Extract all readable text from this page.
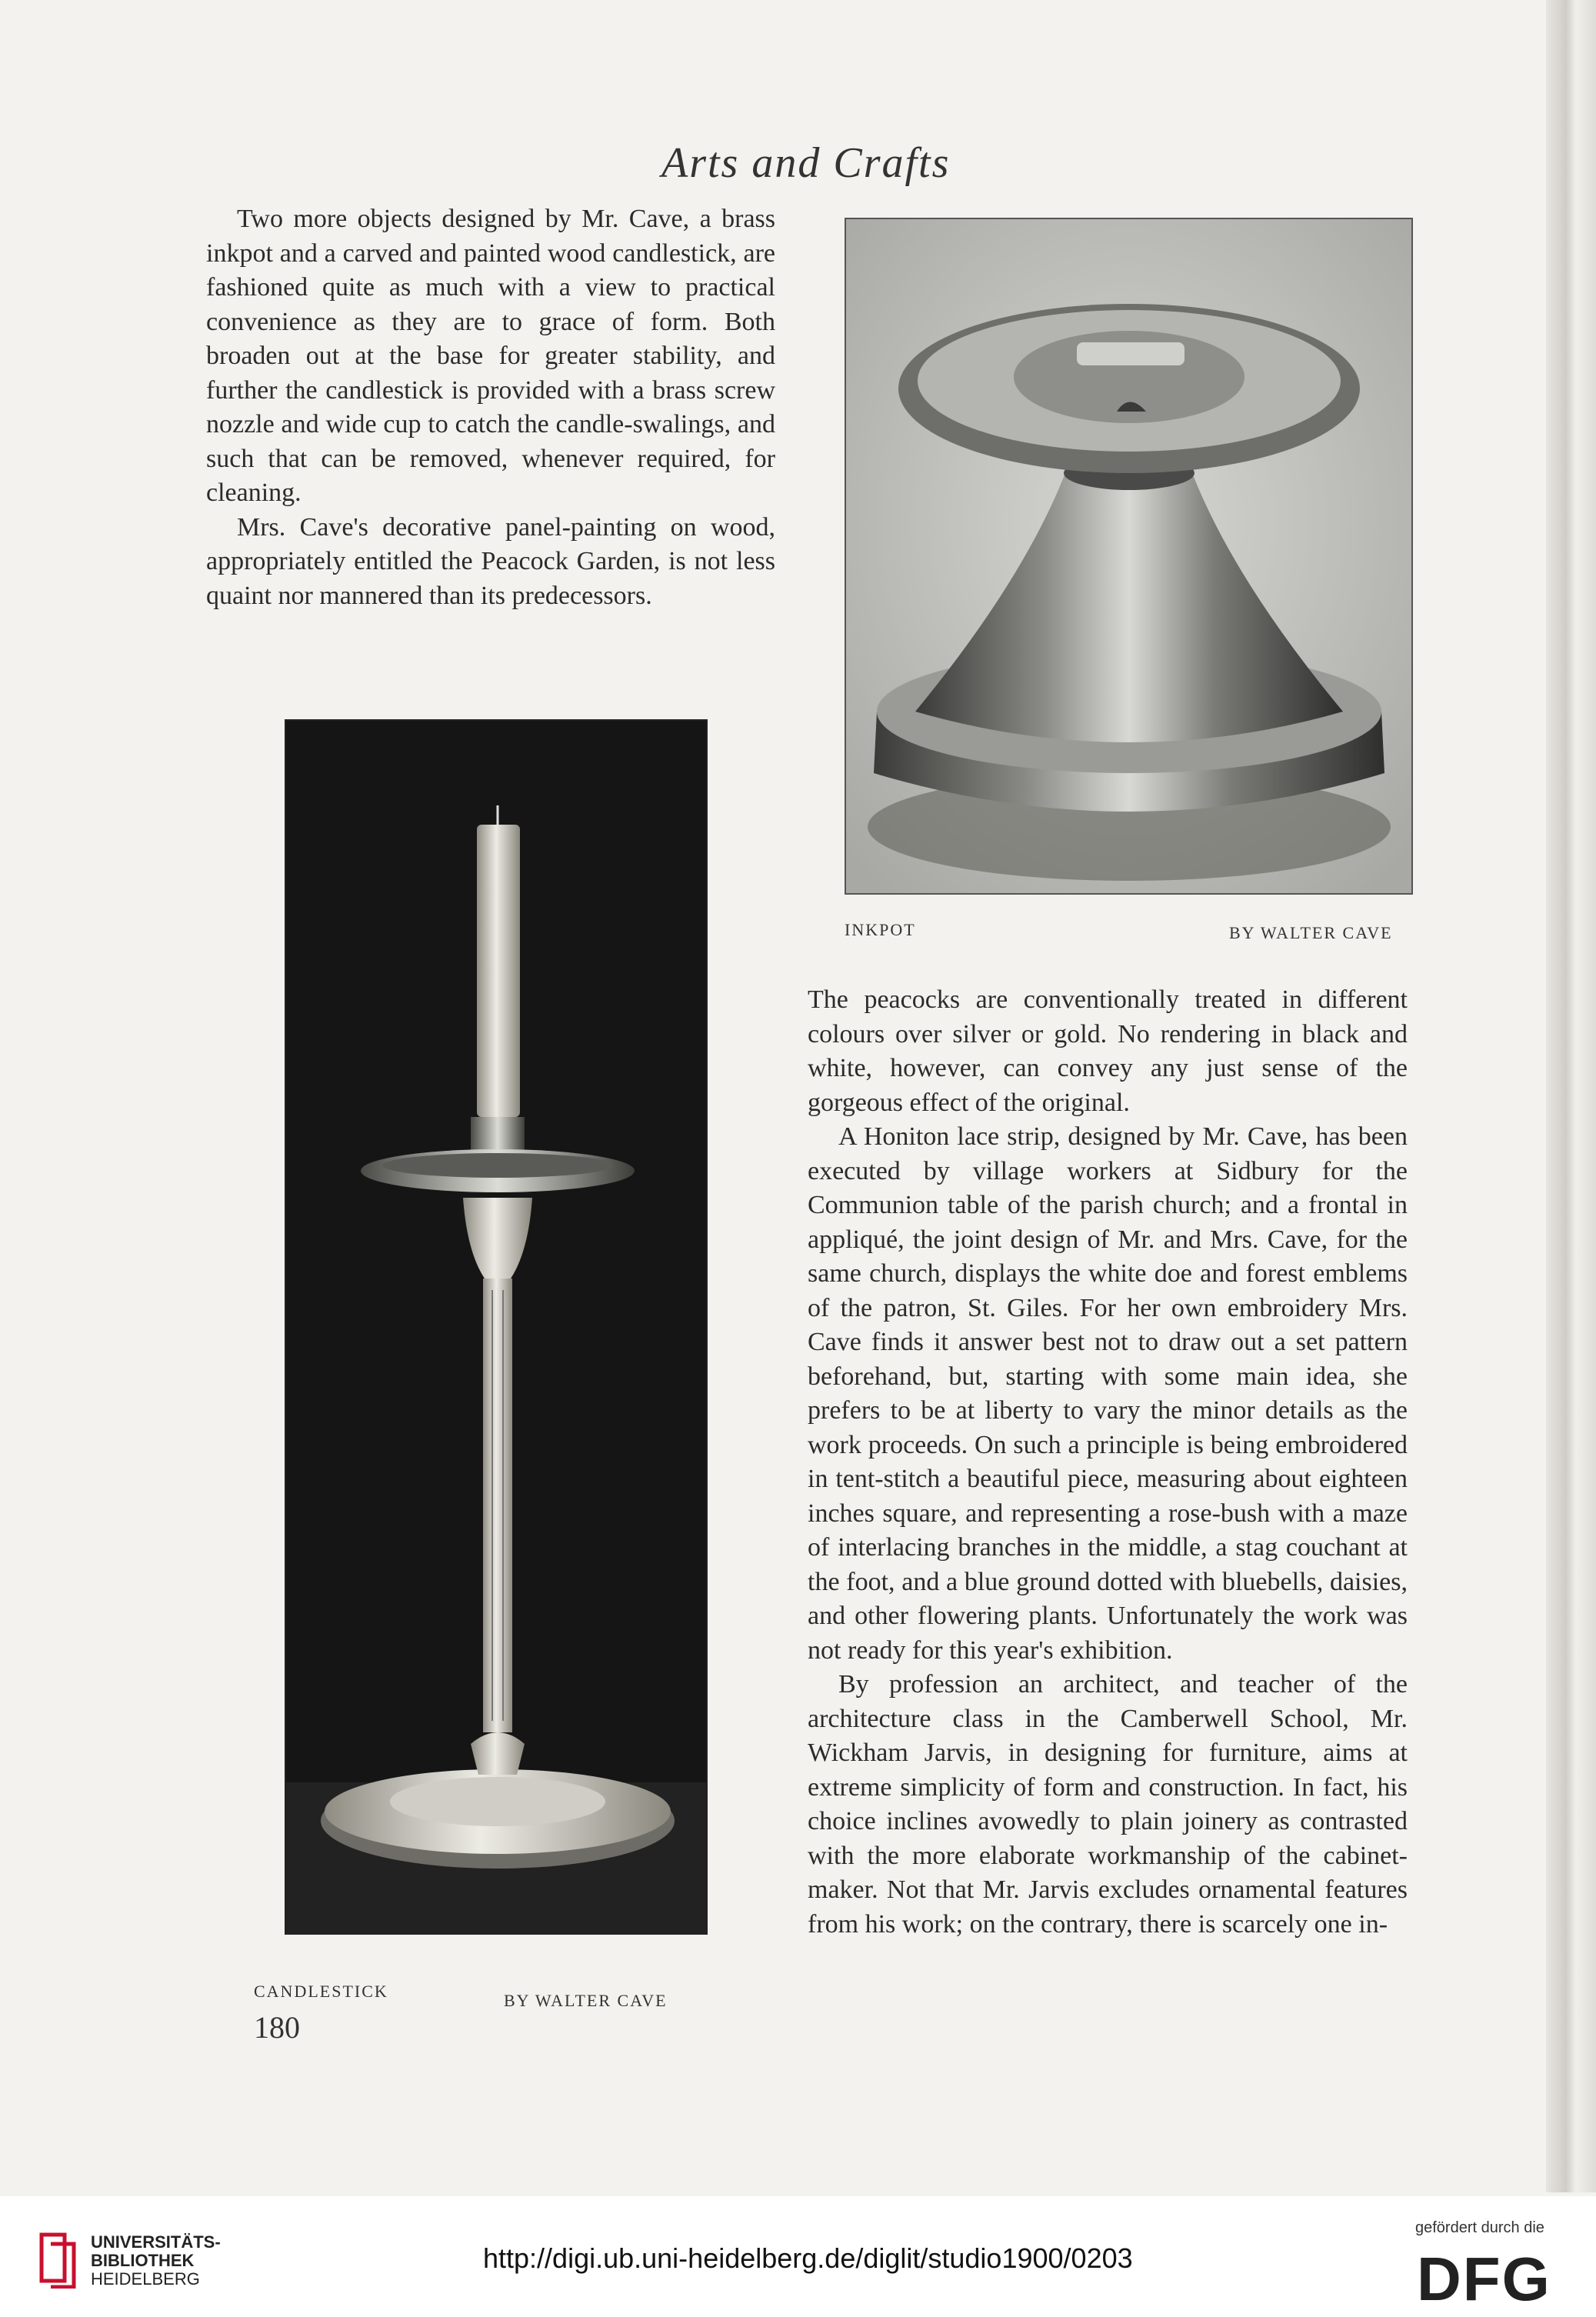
Arts and Crafts

Two more objects designed by Mr. Cave, a brass inkpot and a carved and painted wood candlestick, are fashioned quite as much with a view to practical convenience as they are to grace of form. Both broaden out at the base for greater stability, and further the candlestick is provided with a brass screw nozzle and wide cup to catch the candle-swalings, and such that can be removed, whenever required, for cleaning.

Mrs. Cave's decorative panel-painting on wood, appropriately entitled the Peacock Garden, is not less quaint nor mannered than its predecessors.

INKPOT	BY WALTER CAVE
CANDLESTICK	BY WALTER CAVE
180

The peacocks are conventionally treated in different colours over silver or gold. No rendering in black and white, however, can convey any just sense of the gorgeous effect of the original.

A Honiton lace strip, designed by Mr. Cave, has been executed by village workers at Sidbury for the Communion table of the parish church; and a frontal in appliqué, the joint design of Mr. and Mrs. Cave, for the same church, displays the white doe and forest emblems of the patron, St. Giles. For her own embroidery Mrs. Cave finds it answer best not to draw out a set pattern beforehand, but, starting with some main idea, she prefers to be at liberty to vary the minor details as the work proceeds. On such a principle is being embroidered in tent-stitch a beautiful piece, measuring about eighteen inches square, and representing a rose-bush with a maze of interlacing branches in the middle, a stag couchant at the foot, and a blue ground dotted with bluebells, daisies, and other flowering plants. Unfortunately the work was not ready for this year's exhibition.

By profession an architect, and teacher of the architecture class in the Camberwell School, Mr. Wickham Jarvis, in designing for furniture, aims at extreme simplicity of form and construction. In fact, his choice inclines avowedly to plain joinery as contrasted with the more elaborate workmanship of the cabinet-maker. Not that Mr. Jarvis excludes ornamental features from his work; on the contrary, there is scarcely one in-

UNIVERSITÄTS-
BIBLIOTHEK
HEIDELBERG
http://digi.ub.uni-heidelberg.de/diglit/studio1900/0203
gefördert durch die
DFG
